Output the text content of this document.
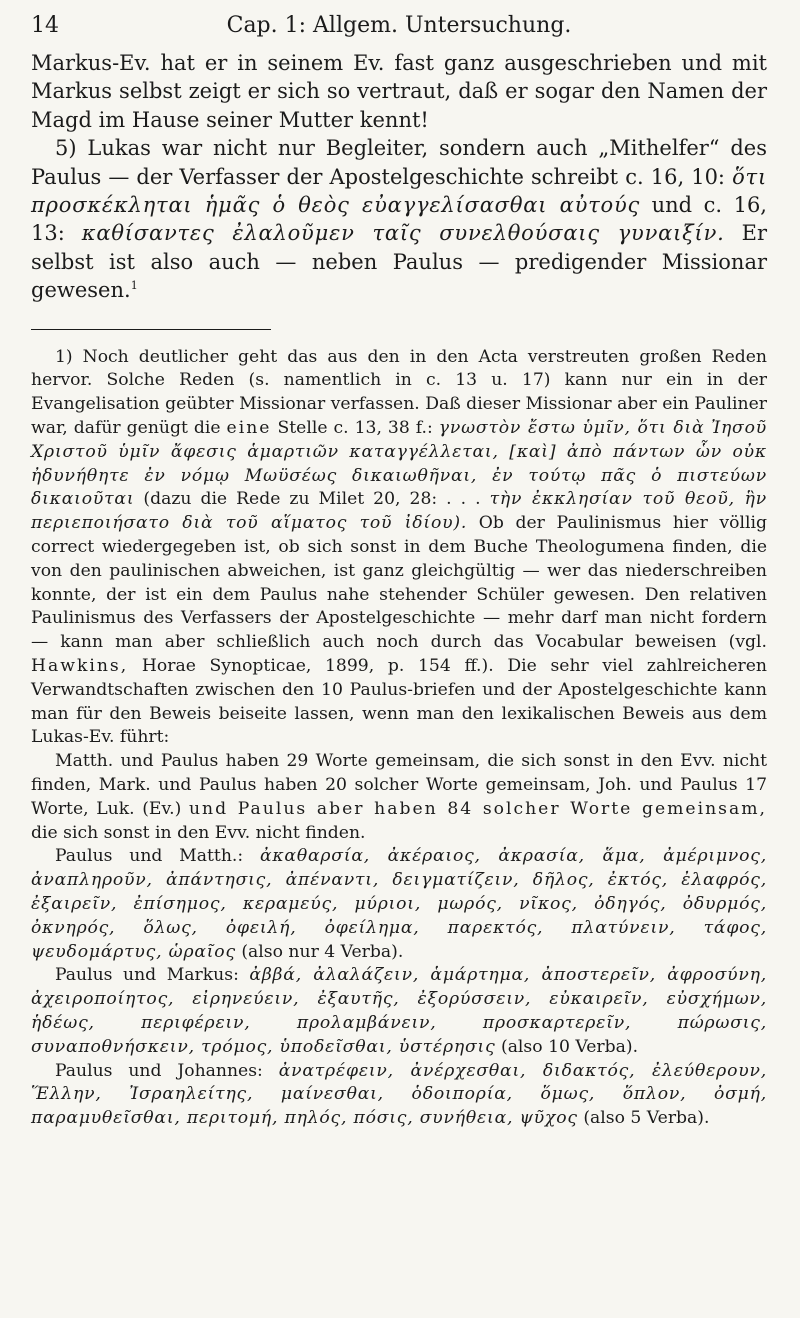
14	Cap. 1: Allgem. Untersuchung.

Markus-Ev. hat er in seinem Ev. fast ganz ausgeschrieben und mit Markus selbst zeigt er sich so vertraut, daß er sogar den Namen der Magd im Hause seiner Mutter kennt!

5) Lukas war nicht nur Begleiter, sondern auch „Mithelfer“ des Paulus — der Verfasser der Apostelgeschichte schreibt c. 16, 10: ὅτι προσκέκληται ἡμᾶς ὁ θεὸς εὐαγγελίσασθαι αὐτούς und c. 16, 13: καθίσαντες ἐλαλοῦμεν ταῖς συνελθούσαις γυναιξίν. Er selbst ist also auch — neben Paulus — predigender Missionar gewesen.$^1$

1) Noch deutlicher geht das aus den in den Acta verstreuten großen Reden hervor. Solche Reden (s. namentlich in c. 13 u. 17) kann nur ein in der Evangelisation geübter Missionar verfassen. Daß dieser Missionar aber ein Pauliner war, dafür genügt die eine Stelle c. 13, 38 f.: γνωστὸν ἔστω ὑμῖν, ὅτι διὰ Ἰησοῦ Χριστοῦ ὑμῖν ἄφεσις ἁμαρτιῶν καταγγέλλεται, [καὶ] ἀπὸ πάντων ὧν οὐκ ἠδυνήθητε ἐν νόμῳ Μωϋσέως δικαιωθῆναι, ἐν τούτῳ πᾶς ὁ πιστεύων δικαιοῦται (dazu die Rede zu Milet 20, 28: . . . τὴν ἐκκλησίαν τοῦ θεοῦ, ἣν περιεποιήσατο διὰ τοῦ αἵματος τοῦ ἰδίου). Ob der Paulinismus hier völlig correct wiedergegeben ist, ob sich sonst in dem Buche Theologumena finden, die von den paulinischen abweichen, ist ganz gleichgültig — wer das niederschreiben konnte, der ist ein dem Paulus nahe stehender Schüler gewesen. Den relativen Paulinismus des Verfassers der Apostelgeschichte — mehr darf man nicht fordern — kann man aber schließlich auch noch durch das Vocabular beweisen (vgl. Hawkins, Horae Synopticae, 1899, p. 154 ff.). Die sehr viel zahlreicheren Verwandtschaften zwischen den 10 Paulus-briefen und der Apostelgeschichte kann man für den Beweis beiseite lassen, wenn man den lexikalischen Beweis aus dem Lukas-Ev. führt:

Matth. und Paulus haben 29 Worte gemeinsam, die sich sonst in den Evv. nicht finden, Mark. und Paulus haben 20 solcher Worte gemeinsam, Joh. und Paulus 17 Worte, Luk. (Ev.) und Paulus aber haben 84 solcher Worte gemeinsam, die sich sonst in den Evv. nicht finden.

Paulus und Matth.: ἀκαθαρσία, ἀκέραιος, ἀκρασία, ἅμα, ἀμέριμνος, ἀναπληροῦν, ἀπάντησις, ἀπέναντι, δειγματίζειν, δῆλος, ἐκτός, ἐλαφρός, ἐξαιρεῖν, ἐπίσημος, κεραμεύς, μύριοι, μωρός, νῖκος, ὀδηγός, ὀδυρμός, ὀκνηρός, ὅλως, ὀφειλή, ὀφείλημα, παρεκτός, πλατύνειν, τάφος, ψευδομάρτυς, ὡραῖος (also nur 4 Verba).

Paulus und Markus: ἀββά, ἀλαλάζειν, ἁμάρτημα, ἀποστερεῖν, ἀφροσύνη, ἀχειροποίητος, εἰρηνεύειν, ἐξαυτῆς, ἐξορύσσειν, εὐκαιρεῖν, εὐσχήμων, ἡδέως, περιφέρειν, προλαμβάνειν, προσκαρτερεῖν, πώρωσις, συναποθνήσκειν, τρόμος, ὑποδεῖσθαι, ὑστέρησις (also 10 Verba).

Paulus und Johannes: ἀνατρέφειν, ἀνέρχεσθαι, διδακτός, ἐλεύθερουν, Ἕλλην, Ἰσραηλείτης, μαίνεσθαι, ὁδοιπορία, ὅμως, ὅπλον, ὀσμή, παραμυθεῖσθαι, περιτομή, πηλός, πόσις, συνήθεια, ψῦχος (also 5 Verba).
